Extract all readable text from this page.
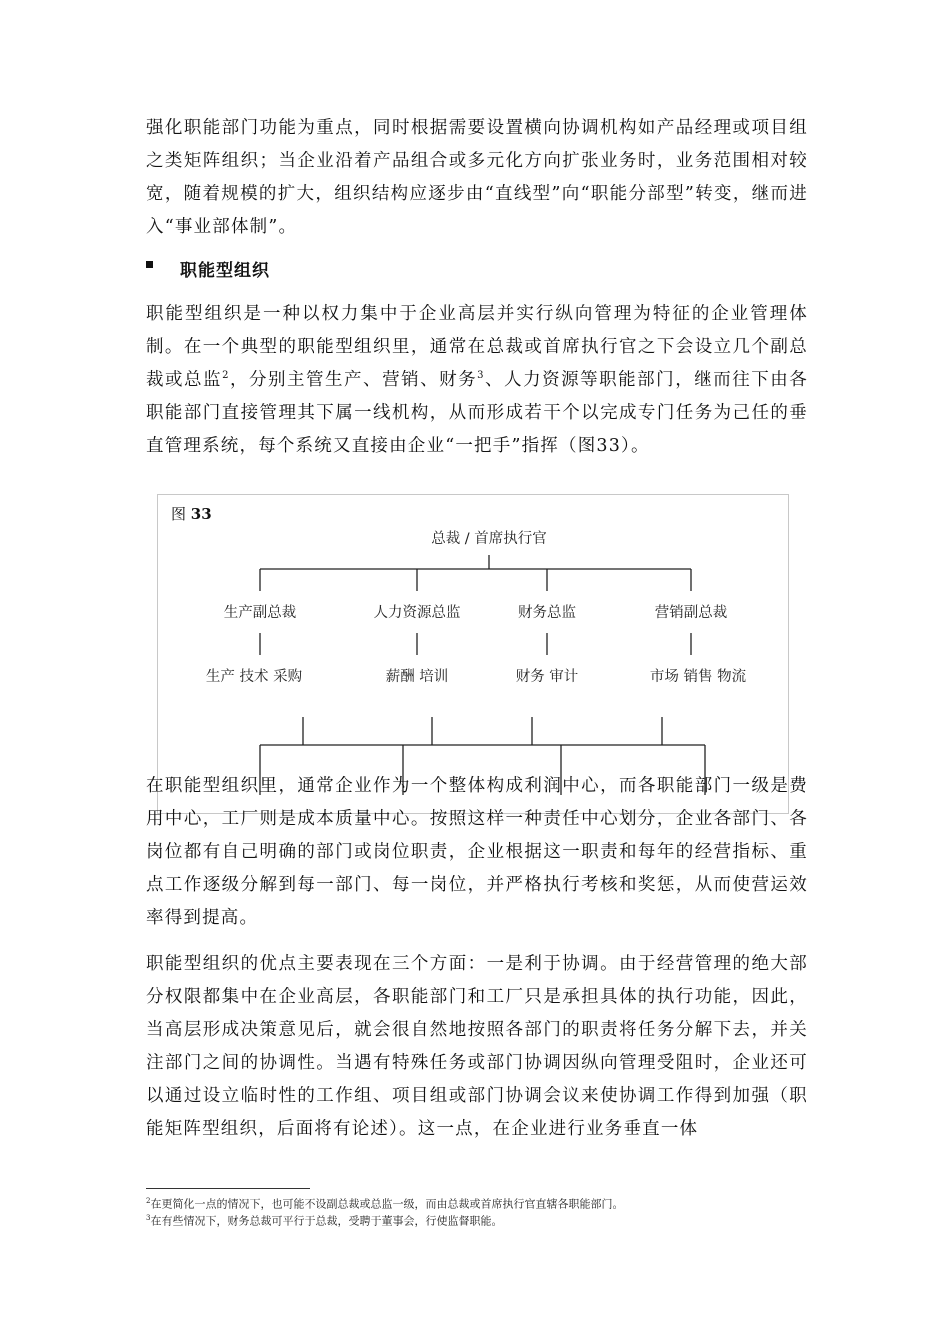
强化职能部门功能为重点，同时根据需要设置横向协调机构如产品经理或项目组之类矩阵组织；当企业沿着产品组合或多元化方向扩张业务时，业务范围相对较宽，随着规模的扩大，组织结构应逐步由“直线型”向“职能分部型”转变，继而进入“事业部体制”。

职能型组织

职能型组织是一种以权力集中于企业高层并实行纵向管理为特征的企业管理体制。在一个典型的职能型组织里，通常在总裁或首席执行官之下会设立几个副总裁或总监$^2$，分别主管生产、营销、财务$^3$、人力资源等职能部门，继而往下由各职能部门直接管理其下属一线机构，从而形成若干个以完成专门任务为己任的垂直管理系统，每个系统又直接由企业“一把手”指挥（图33）。

图 33
总裁 / 首席执行官
生产副总裁	人力资源总监	财务总监	营销副总裁
生产 技术 采购	薪酬 培训	财务 审计	市场 销售 物流

在职能型组织里，通常企业作为一个整体构成利润中心，而各职能部门一级是费用中心，工厂则是成本质量中心。按照这样一种责任中心划分，企业各部门、各岗位都有自己明确的部门或岗位职责，企业根据这一职责和每年的经营指标、重点工作逐级分解到每一部门、每一岗位，并严格执行考核和奖惩，从而使营运效率得到提高。

职能型组织的优点主要表现在三个方面：一是利于协调。由于经营管理的绝大部分权限都集中在企业高层，各职能部门和工厂只是承担具体的执行功能，因此，当高层形成决策意见后，就会很自然地按照各部门的职责将任务分解下去，并关注部门之间的协调性。当遇有特殊任务或部门协调因纵向管理受阻时，企业还可以通过设立临时性的工作组、项目组或部门协调会议来使协调工作得到加强（职能矩阵型组织，后面将有论述）。这一点，在企业进行业务垂直一体

$^2$在更简化一点的情况下，也可能不设副总裁或总监一级，而由总裁或首席执行官直辖各职能部门。
$^3$在有些情况下，财务总裁可平行于总裁，受聘于董事会，行使监督职能。
